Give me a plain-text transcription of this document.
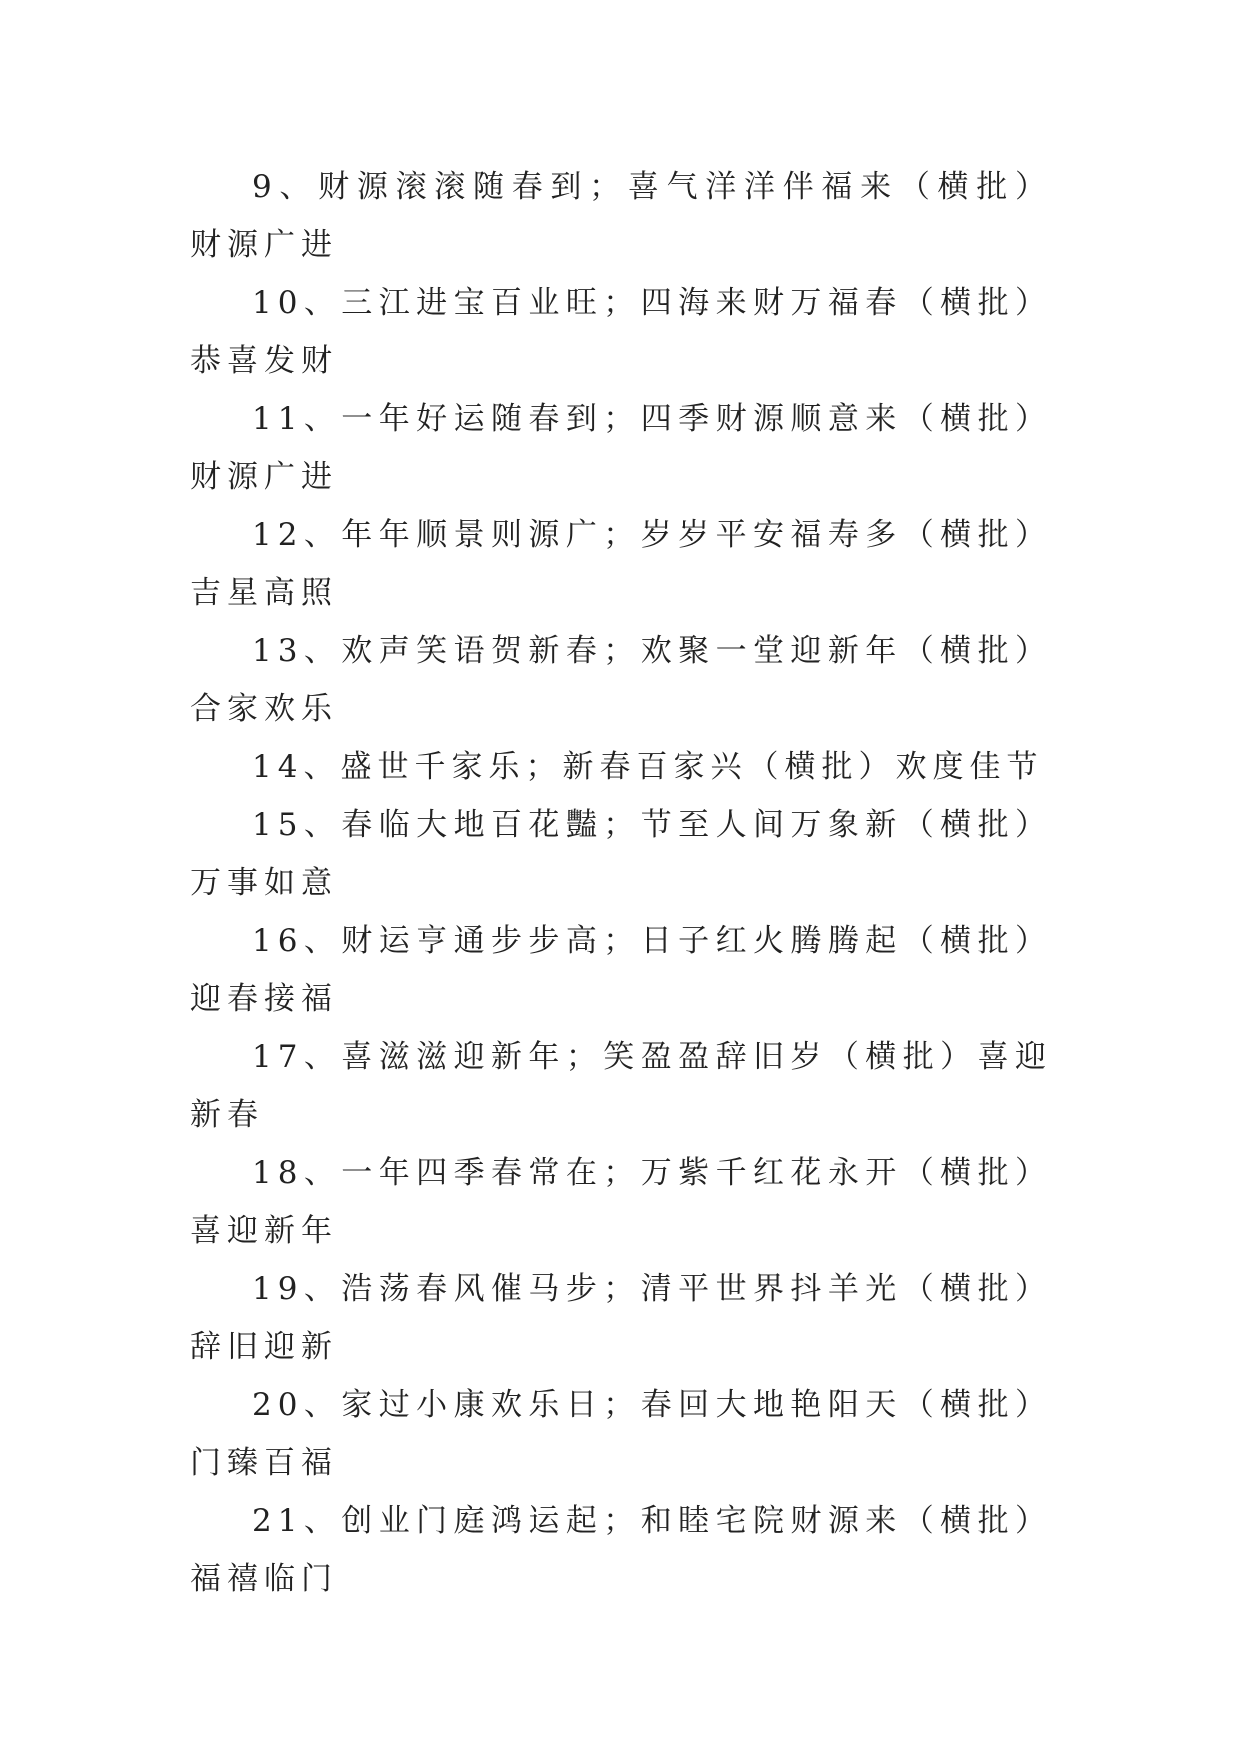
9、财源滚滚随春到；喜气洋洋伴福来（横批）财源广进

10、三江进宝百业旺；四海来财万福春（横批）恭喜发财

11、一年好运随春到；四季财源顺意来（横批）财源广进

12、年年顺景则源广；岁岁平安福寿多（横批）吉星高照

13、欢声笑语贺新春；欢聚一堂迎新年（横批）合家欢乐

14、盛世千家乐；新春百家兴（横批）欢度佳节

15、春临大地百花豔；节至人间万象新（横批）万事如意

16、财运亨通步步高；日子红火腾腾起（横批）迎春接福

17、喜滋滋迎新年；笑盈盈辞旧岁（横批）喜迎新春

18、一年四季春常在；万紫千红花永开（横批）喜迎新年

19、浩荡春风催马步；清平世界抖羊光（横批）辞旧迎新

20、家过小康欢乐日；春回大地艳阳天（横批）门臻百福

21、创业门庭鸿运起；和睦宅院财源来（横批）福禧临门
